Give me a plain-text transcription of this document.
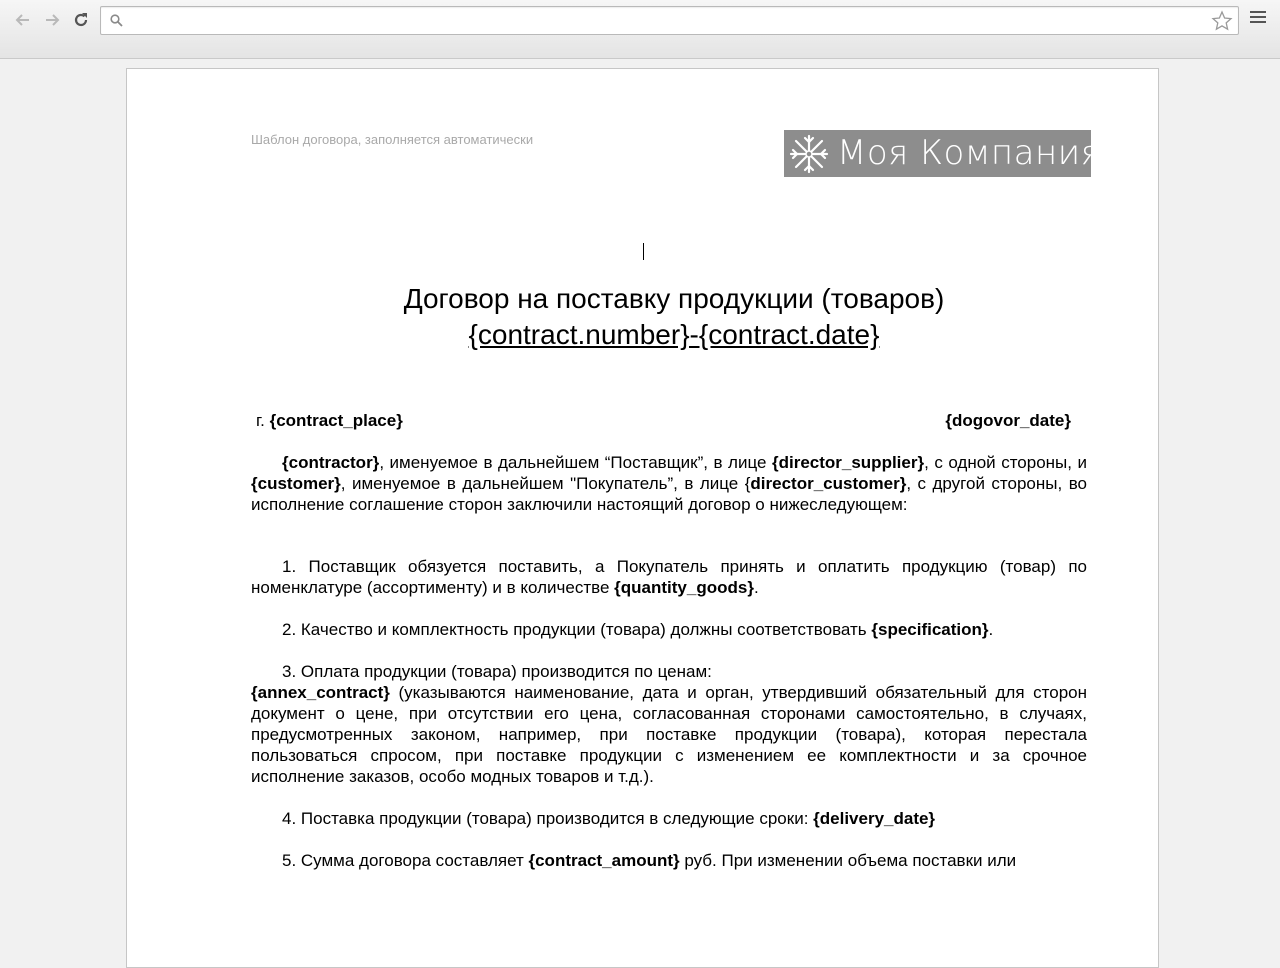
Шаблон договора, заполняется автоматически	Моя Компания
Договор на поставку продукции (товаров)
{contract.number}-{contract.date}
г. {contract_place}	{dogovor_date}
{contractor}, именуемое в дальнейшем “Поставщик”, в лице {director_supplier}, с одной стороны, и {customer}, именуемое в дальнейшем "Покупатель”, в лице {director_customer}, с другой стороны, во исполнение соглашение сторон заключили настоящий договор о нижеследующем:
1. Поставщик обязуется поставить, а Покупатель принять и оплатить продукцию (товар) по номенклатуре (ассортименту) и в количестве {quantity_goods}.
2. Качество и комплектность продукции (товара) должны соответствовать {specification}.
3. Оплата продукции (товара) производится по ценам:
{annex_contract} (указываются наименование, дата и орган, утвердивший обязательный для сторон документ о цене, при отсутствии его цена, согласованная сторонами самостоятельно, в случаях, предусмотренных законом, например, при поставке продукции (товара), которая перестала пользоваться спросом, при поставке продукции с изменением ее комплектности и за срочное исполнение заказов, особо модных товаров и т.д.).
4. Поставка продукции (товара) производится в следующие сроки: {delivery_date}
5. Сумма договора составляет {contract_amount} руб. При изменении объема поставки или
